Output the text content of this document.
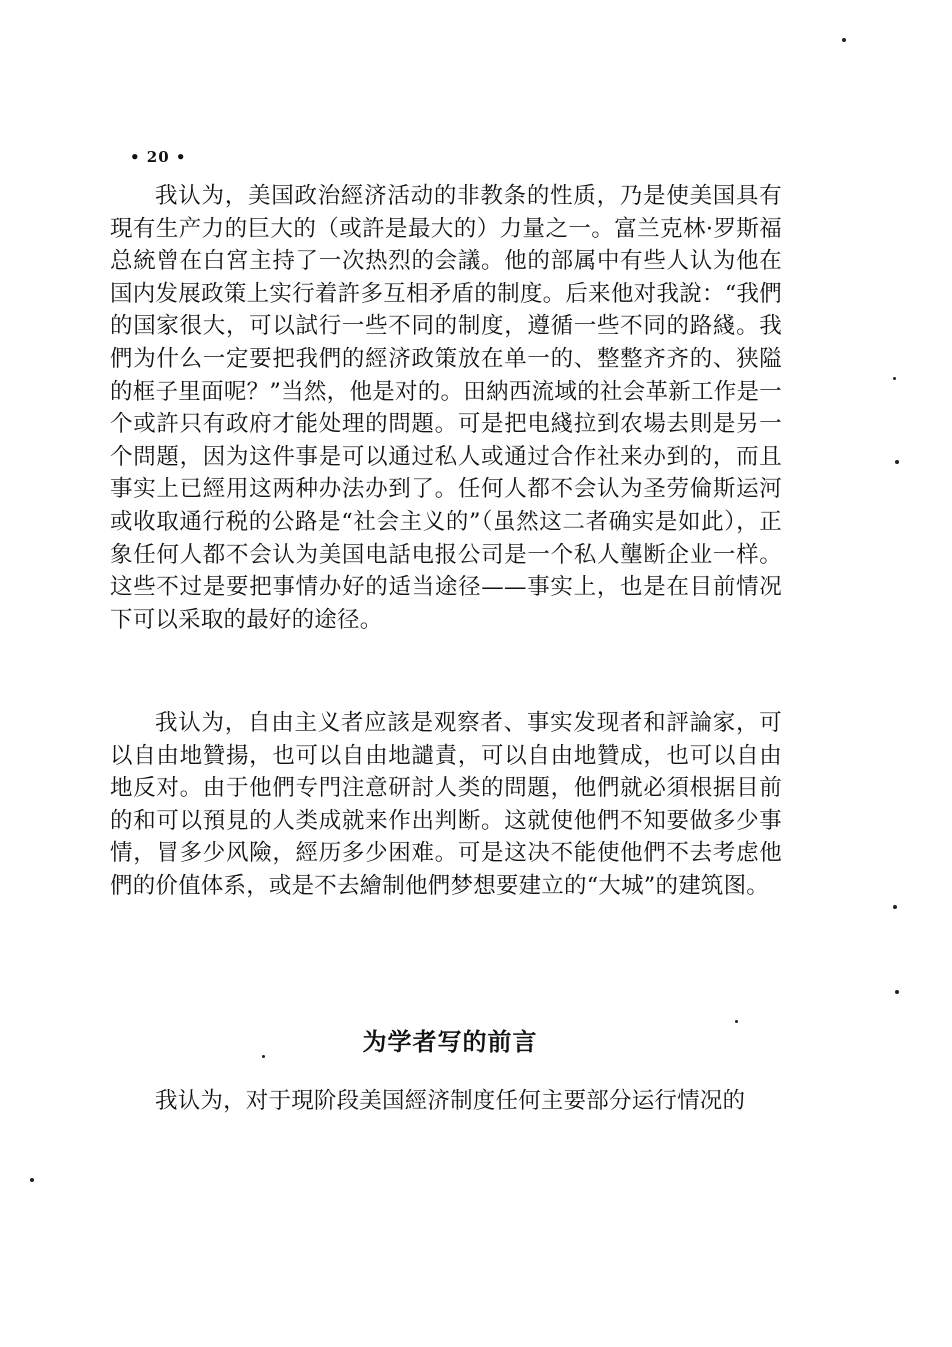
• 20 •

我认为，美国政治經济活动的非教条的性质，乃是使美国具有現有生产力的巨大的（或許是最大的）力量之一。富兰克林·罗斯福总統曾在白宮主持了一次热烈的会議。他的部属中有些人认为他在国内发展政策上实行着許多互相矛盾的制度。后来他对我說：“我們的国家很大，可以試行一些不同的制度，遵循一些不同的路綫。我們为什么一定要把我們的經济政策放在单一的、整整齐齐的、狭隘的框子里面呢？”当然，他是对的。田納西流域的社会革新工作是一个或許只有政府才能处理的問題。可是把电綫拉到农場去則是另一个問題，因为这件事是可以通过私人或通过合作社来办到的，而且事实上已經用这两种办法办到了。任何人都不会认为圣劳倫斯运河或收取通行税的公路是“社会主义的”（虽然这二者确实是如此），正象任何人都不会认为美国电話电报公司是一个私人壟断企业一样。这些不过是要把事情办好的适当途径——事实上，也是在目前情况下可以采取的最好的途径。

我认为，自由主义者应該是观察者、事实发现者和評論家，可以自由地贊揚，也可以自由地譴責，可以自由地贊成，也可以自由地反对。由于他們专門注意研討人类的問題，他們就必須根据目前的和可以預見的人类成就来作出判断。这就使他們不知要做多少事情，冒多少风險，經历多少困难。可是这决不能使他們不去考虑他們的价值体系，或是不去繪制他們梦想要建立的“大城”的建筑图。

为学者写的前言

我认为，对于現阶段美国經济制度任何主要部分运行情况的
